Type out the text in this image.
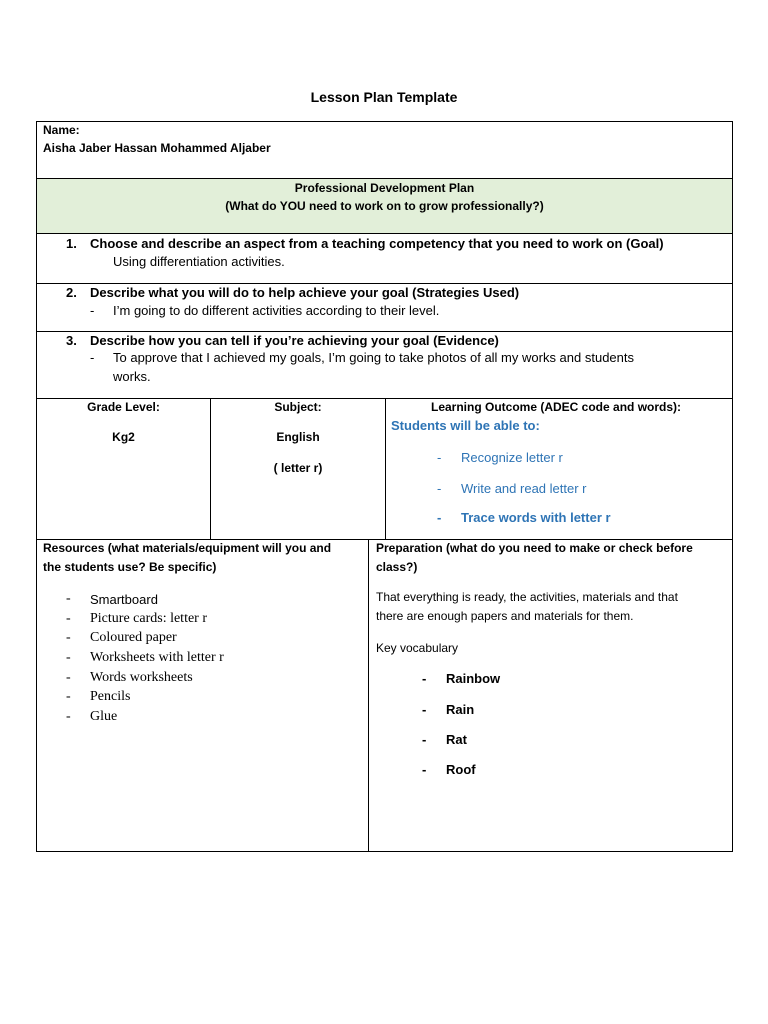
Lesson Plan Template
Name:
Aisha Jaber Hassan Mohammed Aljaber
Professional Development Plan
(What do YOU need to work on to grow professionally?)
1. Choose and describe an aspect from a teaching competency that you need to work on (Goal)
Using differentiation activities.
2. Describe what you will do to help achieve your goal (Strategies Used)
- I’m going to do different activities according to their level.
3. Describe how you can tell if you’re achieving your goal (Evidence)
- To approve that I achieved my goals, I’m going to take photos of all my works and students
works.
Grade Level:
Kg2
Subject:
English
( letter r)
Learning Outcome (ADEC code and words):
Students will be able to:
- Recognize letter r
- Write and read letter r
- Trace words with letter r
Resources (what materials/equipment will you and
the students use? Be specific)
- Smartboard
- Picture cards: letter r
- Coloured paper
- Worksheets with letter r
- Words worksheets
- Pencils
- Glue
Preparation (what do you need to make or check before
class?)
That everything is ready, the activities, materials and that
there are enough papers and materials for them.
Key vocabulary
- Rainbow
- Rain
- Rat
- Roof
